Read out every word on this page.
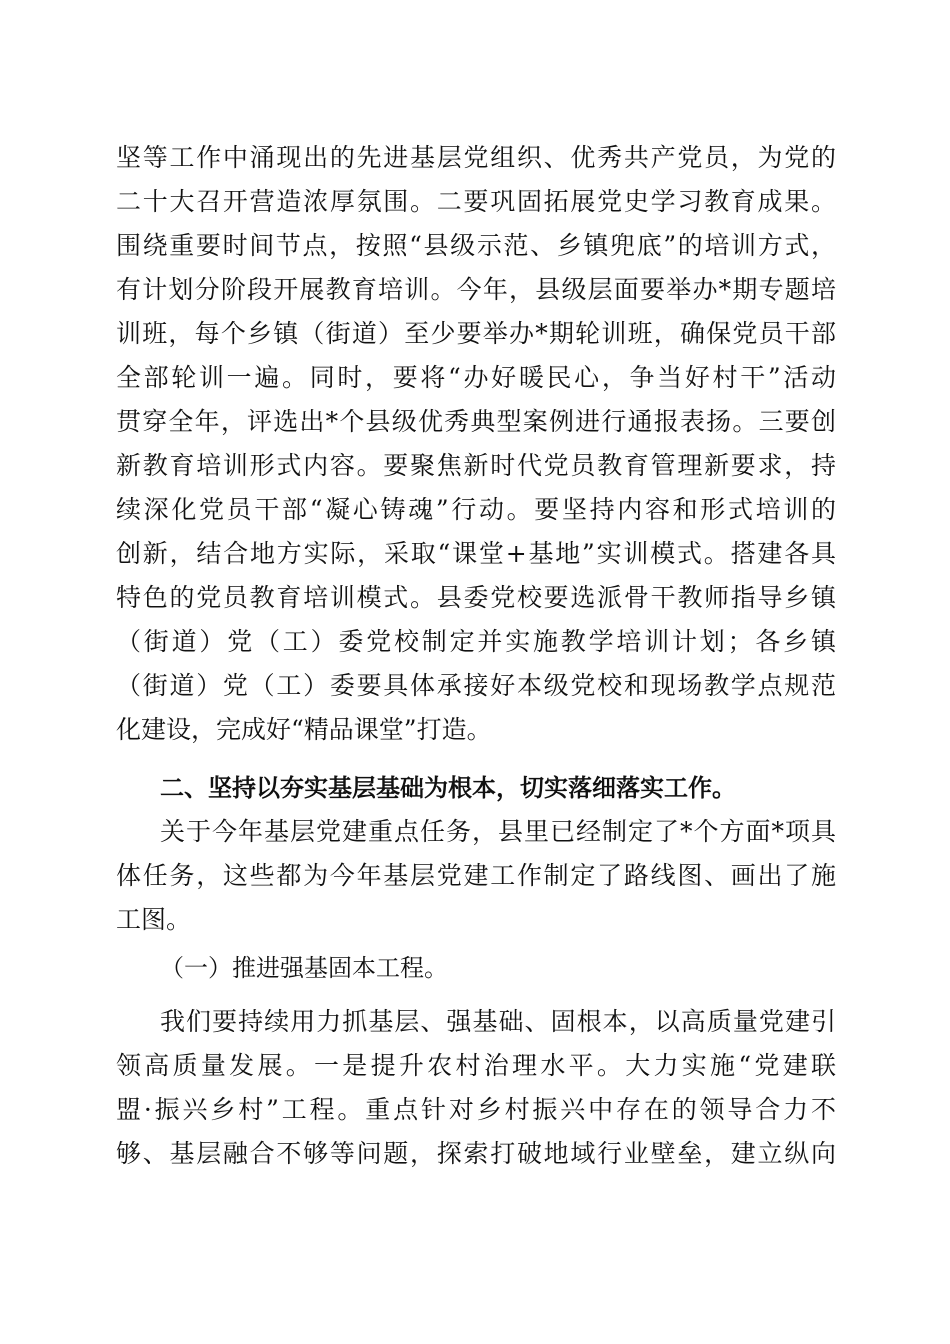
坚等工作中涌现出的先进基层党组织、优秀共产党员，为党的
二十大召开营造浓厚氛围。二要巩固拓展党史学习教育成果。
围绕重要时间节点，按照“县级示范、乡镇兜底”的培训方式，
有计划分阶段开展教育培训。今年，县级层面要举办*期专题培
训班，每个乡镇（街道）至少要举办*期轮训班，确保党员干部
全部轮训一遍。同时，要将“办好暖民心，争当好村干”活动
贯穿全年，评选出*个县级优秀典型案例进行通报表扬。三要创
新教育培训形式内容。要聚焦新时代党员教育管理新要求，持
续深化党员干部“凝心铸魂”行动。要坚持内容和形式培训的
创新，结合地方实际，采取“课堂+基地”实训模式。搭建各具
特色的党员教育培训模式。县委党校要选派骨干教师指导乡镇
（街道）党（工）委党校制定并实施教学培训计划；各乡镇
（街道）党（工）委要具体承接好本级党校和现场教学点规范
化建设，完成好“精品课堂”打造。
二、坚持以夯实基层基础为根本，切实落细落实工作。
关于今年基层党建重点任务，县里已经制定了*个方面*项具
体任务，这些都为今年基层党建工作制定了路线图、画出了施
工图。
（一）推进强基固本工程。
我们要持续用力抓基层、强基础、固根本，以高质量党建引
领高质量发展。一是提升农村治理水平。大力实施“党建联
盟·振兴乡村”工程。重点针对乡村振兴中存在的领导合力不
够、基层融合不够等问题，探索打破地域行业壁垒，建立纵向
